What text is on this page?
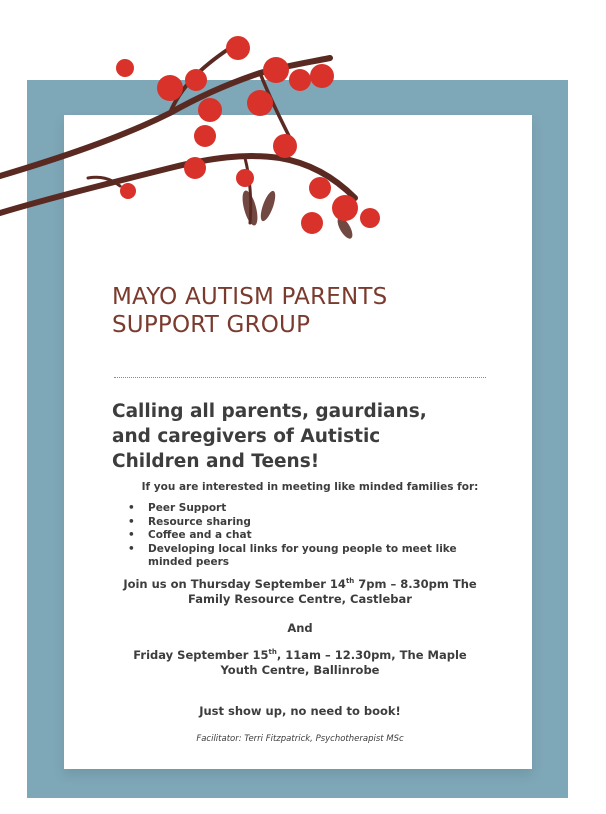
MAYO AUTISM PARENTS
SUPPORT GROUP
Calling all parents, gaurdians,
and caregivers of Autistic
Children and Teens!
If you are interested in meeting like minded families for:
• Peer Support
• Resource sharing
• Coffee and a chat
• Developing local links for young people to meet like minded peers
Join us on Thursday September 14th 7pm – 8.30pm The
Family Resource Centre, Castlebar
And
Friday September 15th, 11am – 12.30pm, The Maple
Youth Centre, Ballinrobe
Just show up, no need to book!
Facilitator: Terri Fitzpatrick, Psychotherapist MSc
